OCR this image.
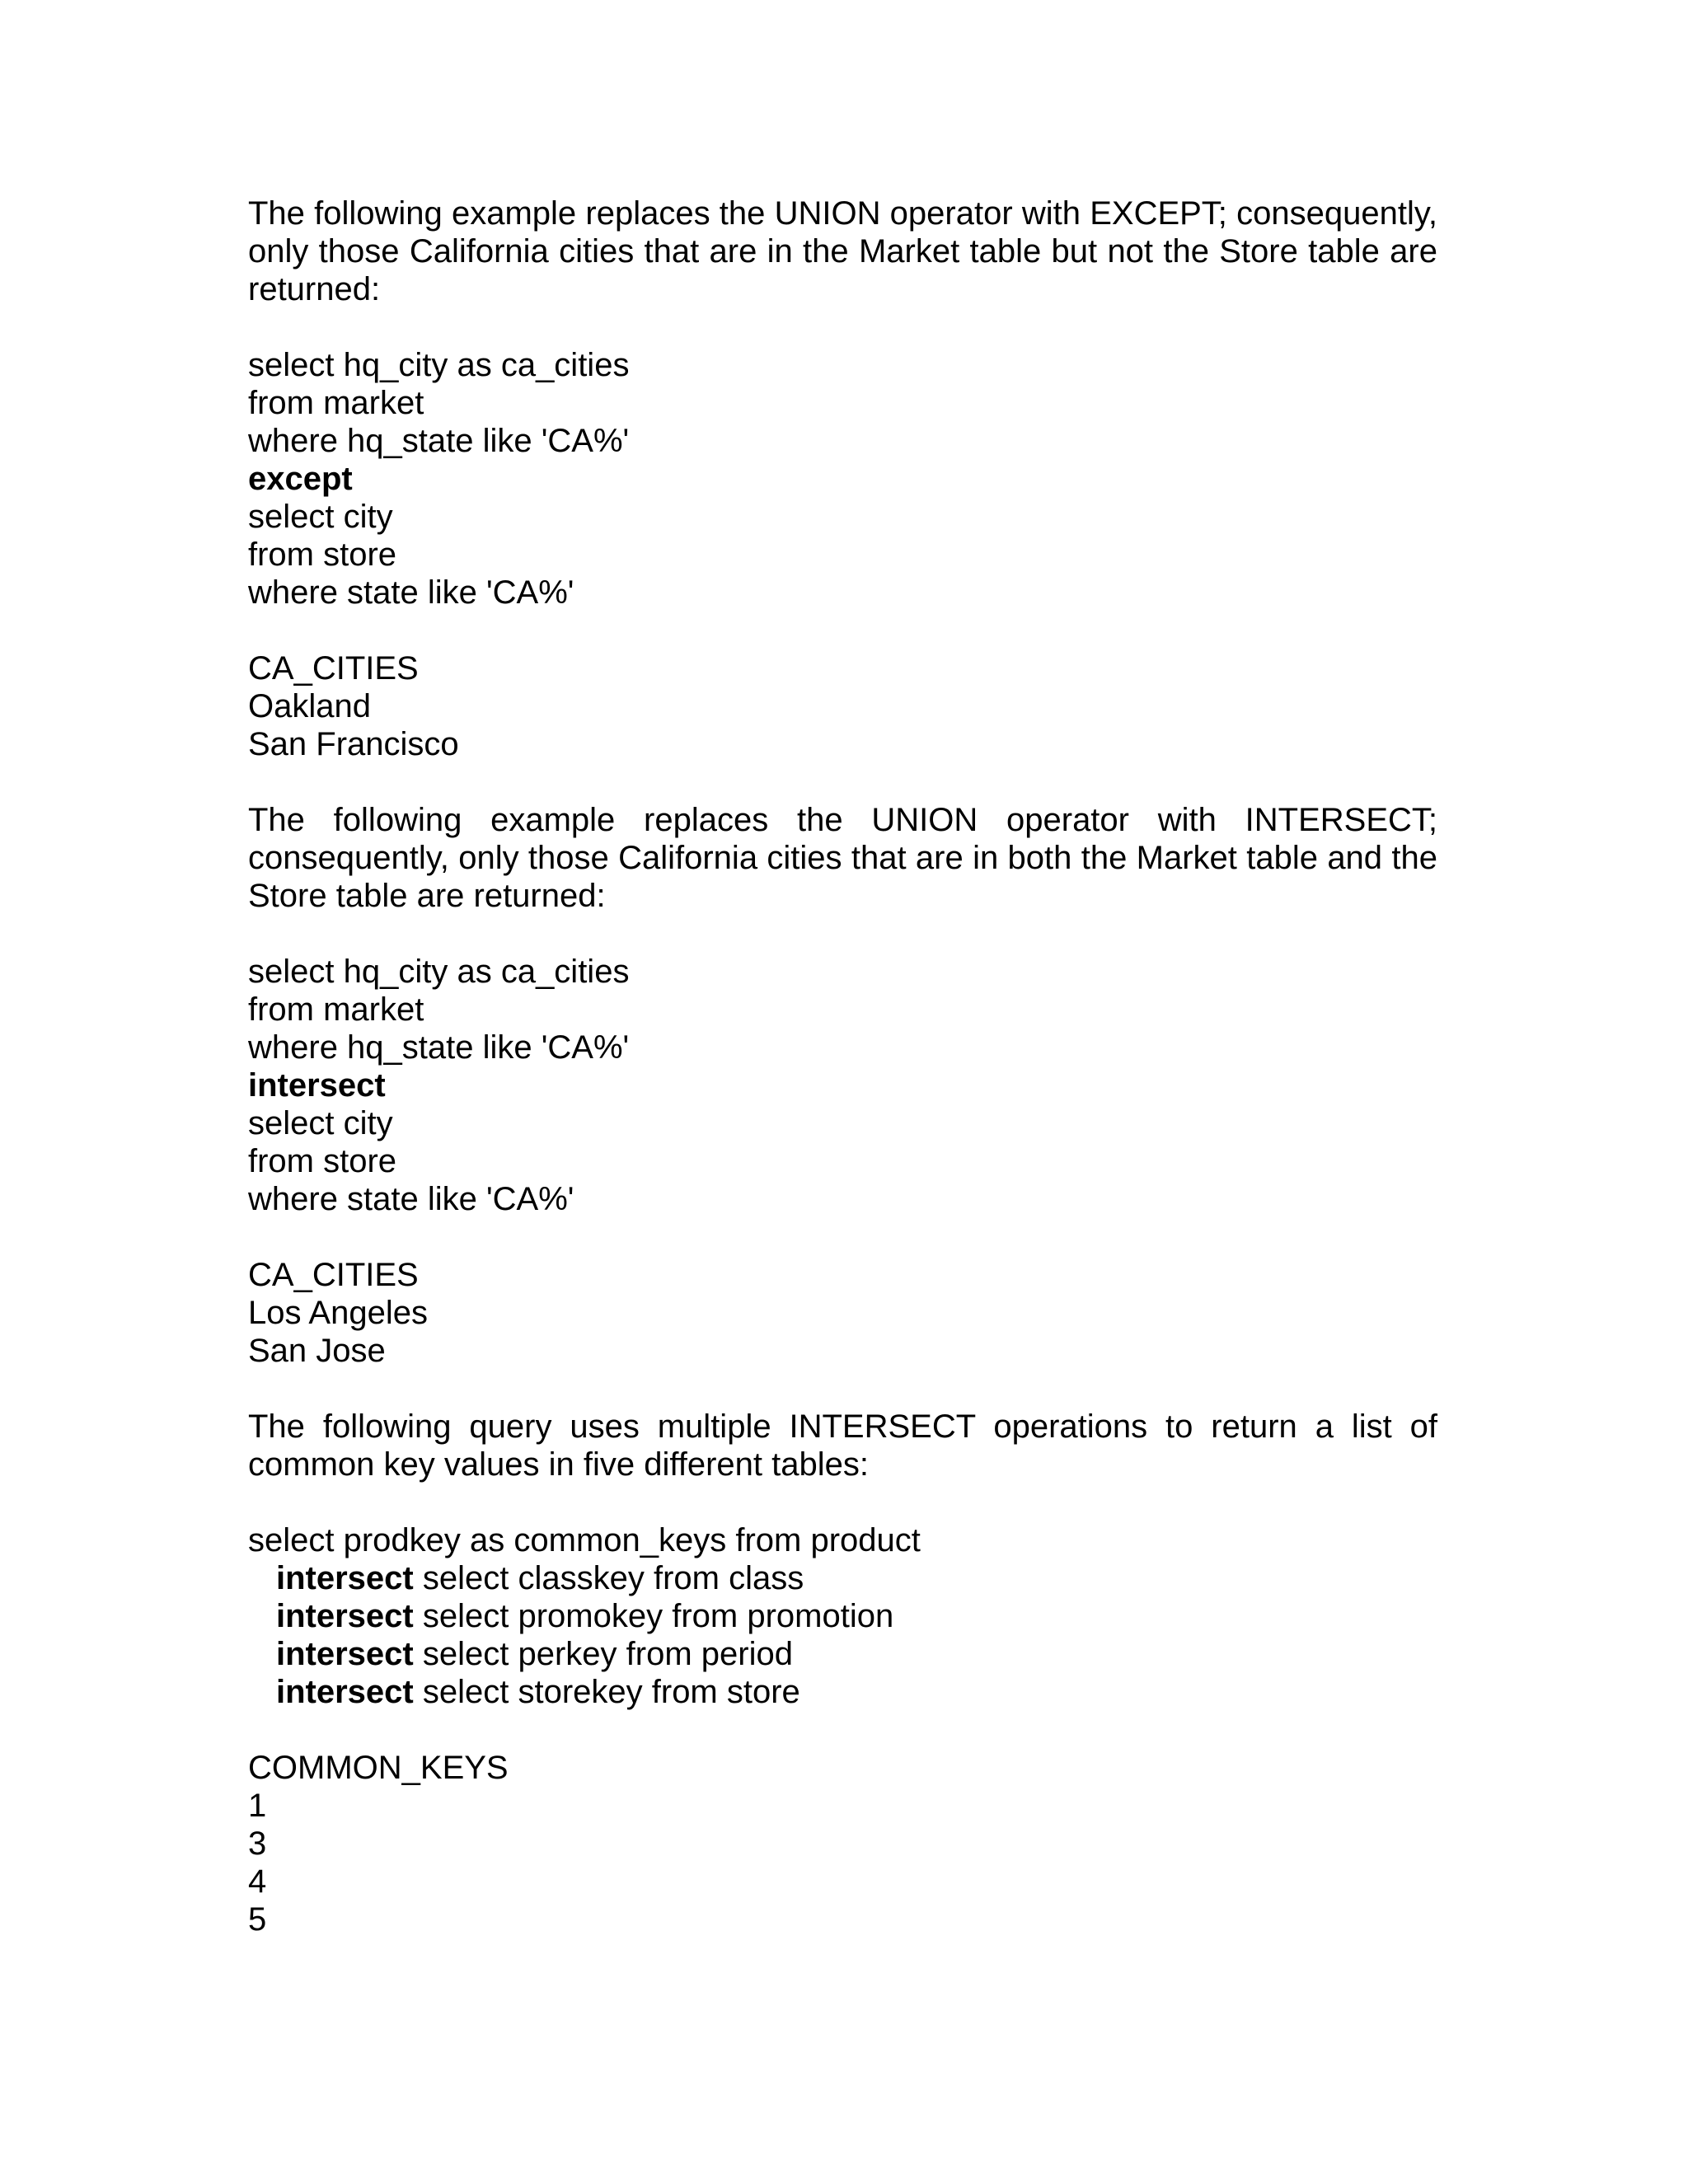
The following example replaces the UNION operator with EXCEPT; consequently, only those California cities that are in the Market table but not the Store table are returned:

select hq_city as ca_cities
from market
where hq_state like 'CA%'
except
select city
from store
where state like 'CA%'
CA_CITIES
Oakland
San Francisco

The following example replaces the UNION operator with INTERSECT; consequently, only those California cities that are in both the Market table and the Store table are returned:

select hq_city as ca_cities
from market
where hq_state like 'CA%'
intersect
select city
from store
where state like 'CA%'
CA_CITIES
Los Angeles
San Jose

The following query uses multiple INTERSECT operations to return a list of common key values in five different tables:

select prodkey as common_keys from product
intersect select classkey from class
intersect select promokey from promotion
intersect select perkey from period
intersect select storekey from store
COMMON_KEYS
1
3
4
5
